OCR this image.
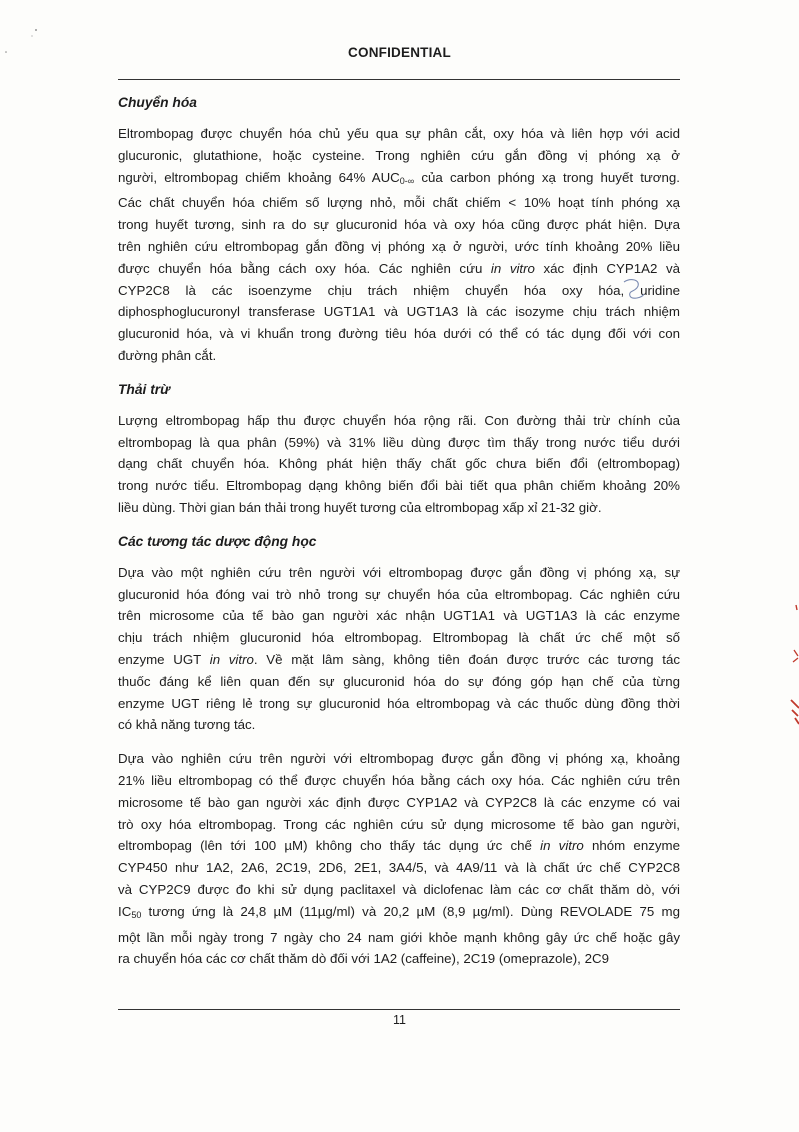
CONFIDENTIAL
Chuyển hóa
Eltrombopag được chuyển hóa chủ yếu qua sự phân cắt, oxy hóa và liên hợp với acid
glucuronic, glutathione, hoặc cysteine. Trong nghiên cứu gắn đồng vị phóng xạ ở
người, eltrombopag chiếm khoảng 64% $AUC_{0-\infty}$ của carbon phóng xạ trong huyết tương.
Các chất chuyển hóa chiếm số lượng nhỏ, mỗi chất chiếm < 10% hoạt tính phóng xạ
trong huyết tương, sinh ra do sự glucuronid hóa và oxy hóa cũng được phát hiện. Dựa
trên nghiên cứu eltrombopag gắn đồng vị phóng xạ ở người, ước tính khoảng 20% liều
được chuyển hóa bằng cách oxy hóa. Các nghiên cứu in vitro xác định CYP1A2 và
CYP2C8 là các isoenzyme chịu trách nhiệm chuyển hóa oxy hóa, uridine
diphosphoglucuronyl transferase UGT1A1 và UGT1A3 là các isozyme chịu trách nhiệm
glucuronid hóa, và vi khuẩn trong đường tiêu hóa dưới có thể có tác dụng đối với con
đường phân cắt.
Thải trừ
Lượng eltrombopag hấp thu được chuyển hóa rộng rãi. Con đường thải trừ chính của
eltrombopag là qua phân (59%) và 31% liều dùng được tìm thấy trong nước tiểu dưới
dạng chất chuyển hóa. Không phát hiện thấy chất gốc chưa biến đổi (eltrombopag)
trong nước tiểu. Eltrombopag dạng không biến đổi bài tiết qua phân chiếm khoảng 20%
liều dùng. Thời gian bán thải trong huyết tương của eltrombopag xấp xỉ 21-32 giờ.
Các tương tác dược động học
Dựa vào một nghiên cứu trên người với eltrombopag được gắn đồng vị phóng xạ, sự
glucuronid hóa đóng vai trò nhỏ trong sự chuyển hóa của eltrombopag. Các nghiên cứu
trên microsome của tế bào gan người xác nhận UGT1A1 và UGT1A3 là các enzyme
chịu trách nhiệm glucuronid hóa eltrombopag. Eltrombopag là chất ức chế một số
enzyme UGT in vitro. Về mặt lâm sàng, không tiên đoán được trước các tương tác
thuốc đáng kể liên quan đến sự glucuronid hóa do sự đóng góp hạn chế của từng
enzyme UGT riêng lẻ trong sự glucuronid hóa eltrombopag và các thuốc dùng đồng thời
có khả năng tương tác.
Dựa vào nghiên cứu trên người với eltrombopag được gắn đồng vị phóng xạ, khoảng
21% liều eltrombopag có thể được chuyển hóa bằng cách oxy hóa. Các nghiên cứu trên
microsome tế bào gan người xác định được CYP1A2 và CYP2C8 là các enzyme có vai
trò oxy hóa eltrombopag. Trong các nghiên cứu sử dụng microsome tế bào gan người,
eltrombopag (lên tới 100 µM) không cho thấy tác dụng ức chế in vitro nhóm enzyme
CYP450 như 1A2, 2A6, 2C19, 2D6, 2E1, 3A4/5, và 4A9/11 và là chất ức chế CYP2C8
và CYP2C9 được đo khi sử dụng paclitaxel và diclofenac làm các cơ chất thăm dò, với
$IC_{50}$ tương ứng là 24,8 µM (11µg/ml) và 20,2 µM (8,9 µg/ml). Dùng REVOLADE 75 mg
một lần mỗi ngày trong 7 ngày cho 24 nam giới khỏe mạnh không gây ức chế hoặc gây
ra chuyển hóa các cơ chất thăm dò đối với 1A2 (caffeine), 2C19 (omeprazole), 2C9
11
